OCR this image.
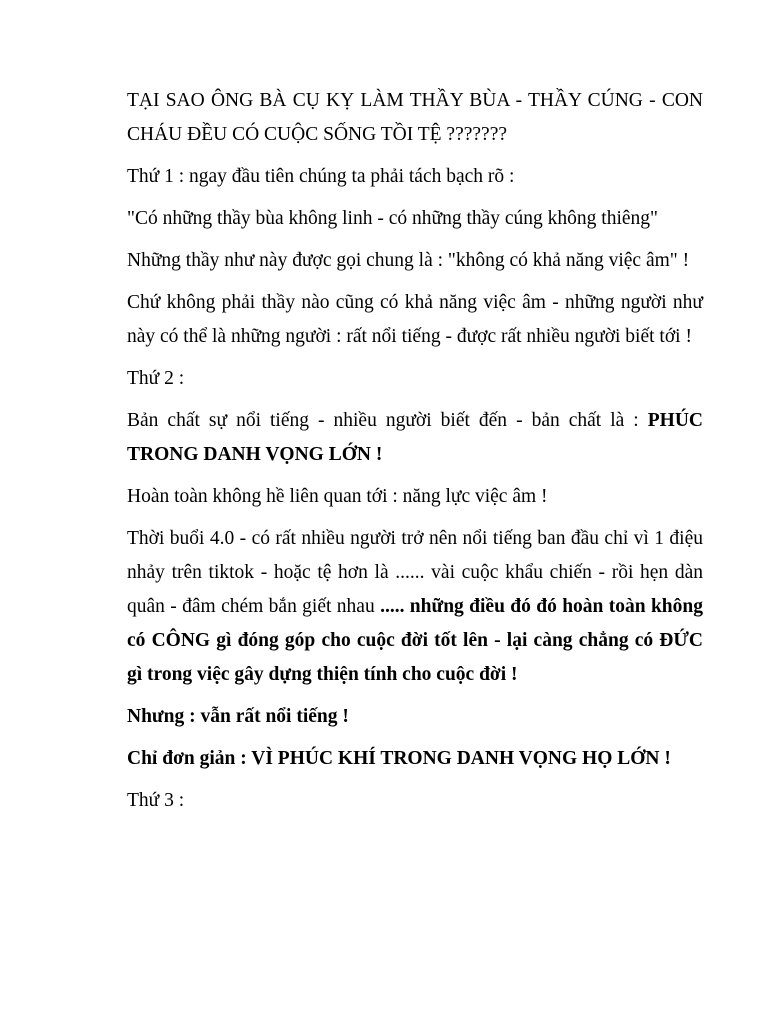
TẠI SAO ÔNG BÀ CỤ KỴ LÀM THẦY BÙA - THẦY CÚNG - CON CHÁU ĐỀU CÓ CUỘC SỐNG TỒI TỆ ???????

Thứ 1 : ngay đầu tiên chúng ta phải tách bạch rõ :

"Có những thầy bùa không linh - có những thầy cúng không thiêng"

Những thầy như này được gọi chung là : "không có khả năng việc âm" !

Chứ không phải thầy nào cũng có khả năng việc âm - những người như này có thể là những người : rất nổi tiếng - được rất nhiều người biết tới !

Thứ 2 :

Bản chất sự nổi tiếng - nhiều người biết đến - bản chất là : PHÚC TRONG DANH VỌNG LỚN !

Hoàn toàn không hề liên quan tới : năng lực việc âm !

Thời buổi 4.0 - có rất nhiều người trở nên nổi tiếng ban đầu chỉ vì 1 điệu nhảy trên tiktok - hoặc tệ hơn là ...... vài cuộc khẩu chiến - rồi hẹn dàn quân - đâm chém bắn giết nhau ..... những điều đó đó hoàn toàn không có CÔNG gì đóng góp cho cuộc đời tốt lên - lại càng chẳng có ĐỨC gì trong việc gây dựng thiện tính cho cuộc đời !

Nhưng : vẫn rất nổi tiếng !

Chỉ đơn giản : VÌ PHÚC KHÍ TRONG DANH VỌNG HỌ LỚN !

Thứ 3 :
